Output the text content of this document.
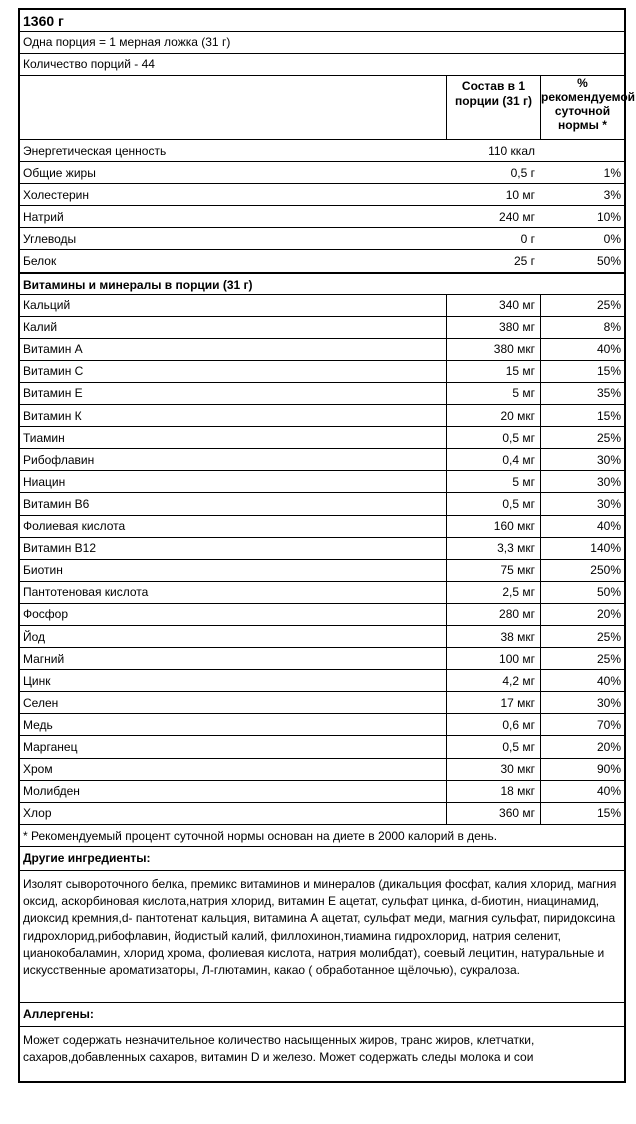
1360 г
Одна порция = 1 мерная ложка (31 г)
Количество порций - 44
Состав в 1 порции (31 г)
% рекомендуемой суточной нормы *
Энергетическая ценность	110 ккал
Общие жиры	0,5 г	1%
Холестерин	10 мг	3%
Натрий	240 мг	10%
Углеводы	0 г	0%
Белок	25 г	50%
Витамины и минералы в порции (31 г)
Кальций	340 мг	25%
Калий	380 мг	8%
Витамин А	380 мкг	40%
Витамин С	15 мг	15%
Витамин Е	5 мг	35%
Витамин К	20 мкг	15%
Тиамин	0,5 мг	25%
Рибофлавин	0,4 мг	30%
Ниацин	5 мг	30%
Витамин В6	0,5 мг	30%
Фолиевая кислота	160 мкг	40%
Витамин В12	3,3 мкг	140%
Биотин	75 мкг	250%
Пантотеновая кислота	2,5 мг	50%
Фосфор	280 мг	20%
Йод	38 мкг	25%
Магний	100 мг	25%
Цинк	4,2 мг	40%
Селен	17 мкг	30%
Медь	0,6 мг	70%
Марганец	0,5 мг	20%
Хром	30 мкг	90%
Молибден	18 мкг	40%
Хлор	360 мг	15%
* Рекомендуемый процент суточной нормы основан на диете в 2000 калорий в день.
Другие ингредиенты:
Изолят сывороточного белка, премикс витаминов и минералов (дикальция фосфат, калия хлорид, магния оксид, аскорбиновая кислота,натрия хлорид, витамин Е ацетат, сульфат цинка, d-биотин, ниацинамид, диоксид кремния,d- пантотенат кальция, витамина А ацетат, сульфат меди, магния сульфат, пиридоксина гидрохлорид,рибофлавин, йодистый калий, филлохинон,тиамина гидрохлорид, натрия селенит, цианокобаламин, хлорид хрома, фолиевая кислота, натрия молибдат), соевый лецитин, натуральные и искусственные ароматизаторы, Л-глютамин, какао ( обработанное щёлочью), сукралоза.
Аллергены:
Может содержать незначительное количество насыщенных жиров, транс жиров, клетчатки, сахаров,добавленных сахаров, витамин D и железо. Может содержать следы молока и сои
